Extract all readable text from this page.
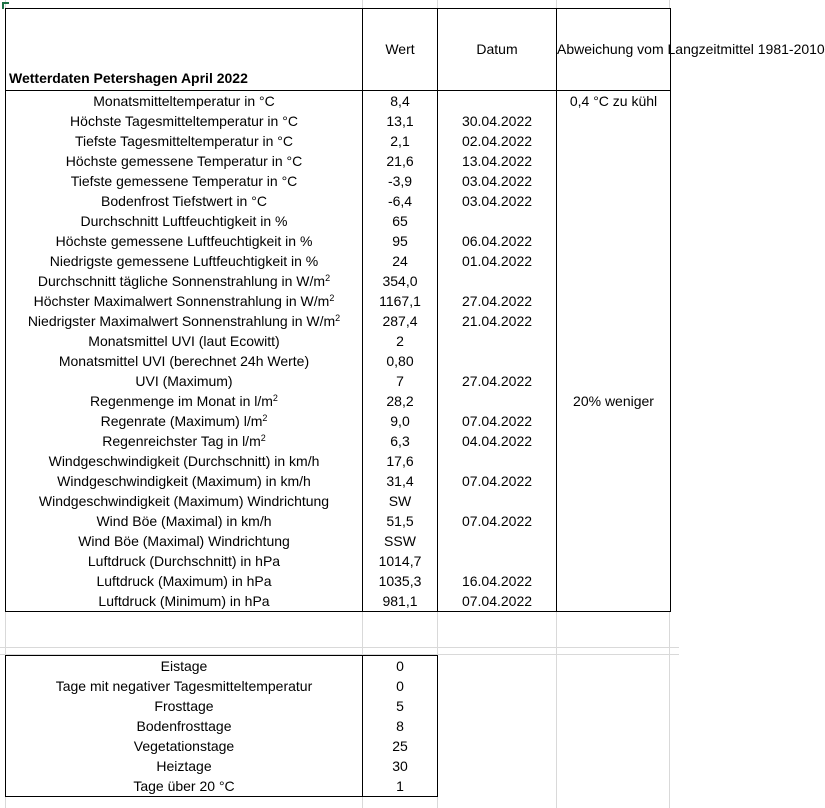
Wetterdaten Petershagen April 2022	Wert	Datum	Abweichung vom Langzeitmittel 1981-2010
Monatsmitteltemperatur in °C	8,4		0,4 °C zu kühl
Höchste Tagesmitteltemperatur in °C	13,1	30.04.2022	
Tiefste Tagesmitteltemperatur in °C	2,1	02.04.2022	
Höchste gemessene Temperatur in °C	21,6	13.04.2022	
Tiefste gemessene Temperatur in °C	-3,9	03.04.2022	
Bodenfrost Tiefstwert in °C	-6,4	03.04.2022	
Durchschnitt Luftfeuchtigkeit in %	65		
Höchste gemessene Luftfeuchtigkeit in %	95	06.04.2022	
Niedrigste gemessene Luftfeuchtigkeit in %	24	01.04.2022	
Durchschnitt tägliche Sonnenstrahlung in $W/m^2$	354,0		
Höchster Maximalwert Sonnenstrahlung in $W/m^2$	1167,1	27.04.2022	
Niedrigster Maximalwert Sonnenstrahlung in $W/m^2$	287,4	21.04.2022	
Monatsmittel UVI (laut Ecowitt)	2		
Monatsmittel UVI (berechnet 24h Werte)	0,80		
UVI (Maximum)	7	27.04.2022	
Regenmenge im Monat in $l/m^2$	28,2		20% weniger
Regenrate (Maximum) $l/m^2$	9,0	07.04.2022	
Regenreichster Tag in $l/m^2$	6,3	04.04.2022	
Windgeschwindigkeit (Durchschnitt) in km/h	17,6		
Windgeschwindigkeit (Maximum) in km/h	31,4	07.04.2022	
Windgeschwindigkeit (Maximum) Windrichtung	SW		
Wind Böe (Maximal) in km/h	51,5	07.04.2022	
Wind Böe (Maximal) Windrichtung	SSW		
Luftdruck (Durchschnitt) in hPa	1014,7		
Luftdruck (Maximum) in hPa	1035,3	16.04.2022	
Luftdruck (Minimum) in hPa	981,1	07.04.2022	
Eistage	0
Tage mit negativer Tagesmitteltemperatur	0
Frosttage	5
Bodenfrosttage	8
Vegetationstage	25
Heiztage	30
Tage über 20 °C	1
